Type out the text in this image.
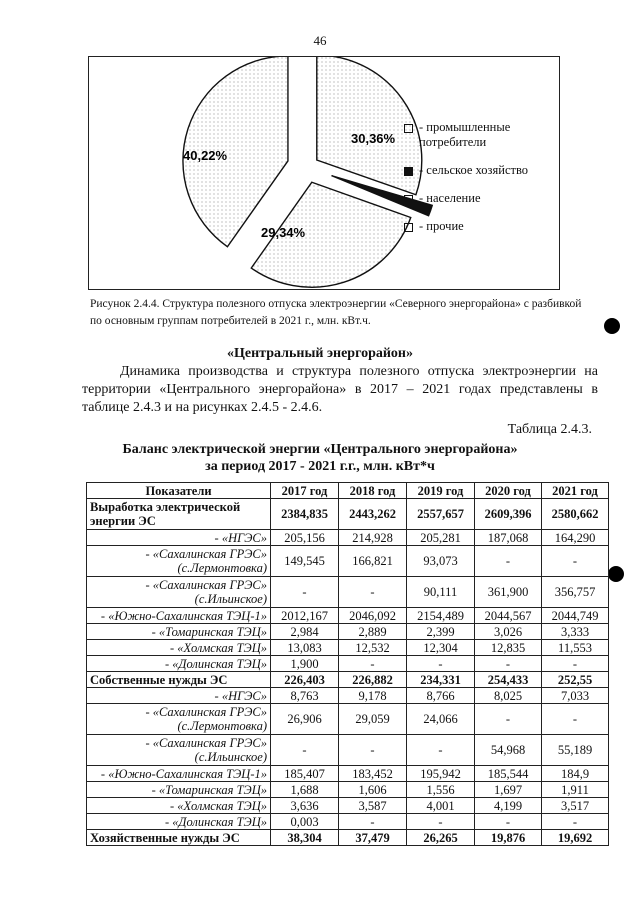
46
30,36%
29,34%
40,22%
- промышленные потребители
- сельское хозяйство
- население
- прочие
Рисунок 2.4.4. Структура полезного отпуска электроэнергии «Северного энергорайона» с разбивкой по основным группам потребителей в 2021 г., млн. кВт.ч.
«Центральный энергорайон»
Динамика производства и структура полезного отпуска электроэнергии на территории «Центрального энергорайона» в 2017 – 2021 годах представлены в таблице 2.4.3 и на рисунках 2.4.5 - 2.4.6.
Таблица 2.4.3.
Баланс электрической энергии «Центрального энергорайона»
за период 2017 - 2021 г.г., млн. кВт*ч
Показатели	2017 год	2018 год	2019 год	2020 год	2021 год
Выработка электрической энергии ЭС	2384,835	2443,262	2557,657	2609,396	2580,662
- «НГЭС»	205,156	214,928	205,281	187,068	164,290
- «Сахалинская ГРЭС» (с.Лермонтовка)	149,545	166,821	93,073	-	-
- «Сахалинская ГРЭС» (с.Ильинское)	-	-	90,111	361,900	356,757
- «Южно-Сахалинская ТЭЦ-1»	2012,167	2046,092	2154,489	2044,567	2044,749
- «Томаринская ТЭЦ»	2,984	2,889	2,399	3,026	3,333
- «Холмская ТЭЦ»	13,083	12,532	12,304	12,835	11,553
- «Долинская ТЭЦ»	1,900	-	-	-	-
Собственные нужды ЭС	226,403	226,882	234,331	254,433	252,55
- «НГЭС»	8,763	9,178	8,766	8,025	7,033
- «Сахалинская ГРЭС» (с.Лермонтовка)	26,906	29,059	24,066	-	-
- «Сахалинская ГРЭС» (с.Ильинское)	-	-	-	54,968	55,189
- «Южно-Сахалинская ТЭЦ-1»	185,407	183,452	195,942	185,544	184,9
- «Томаринская ТЭЦ»	1,688	1,606	1,556	1,697	1,911
- «Холмская ТЭЦ»	3,636	3,587	4,001	4,199	3,517
- «Долинская ТЭЦ»	0,003	-	-	-	-
Хозяйственные нужды ЭС	38,304	37,479	26,265	19,876	19,692
